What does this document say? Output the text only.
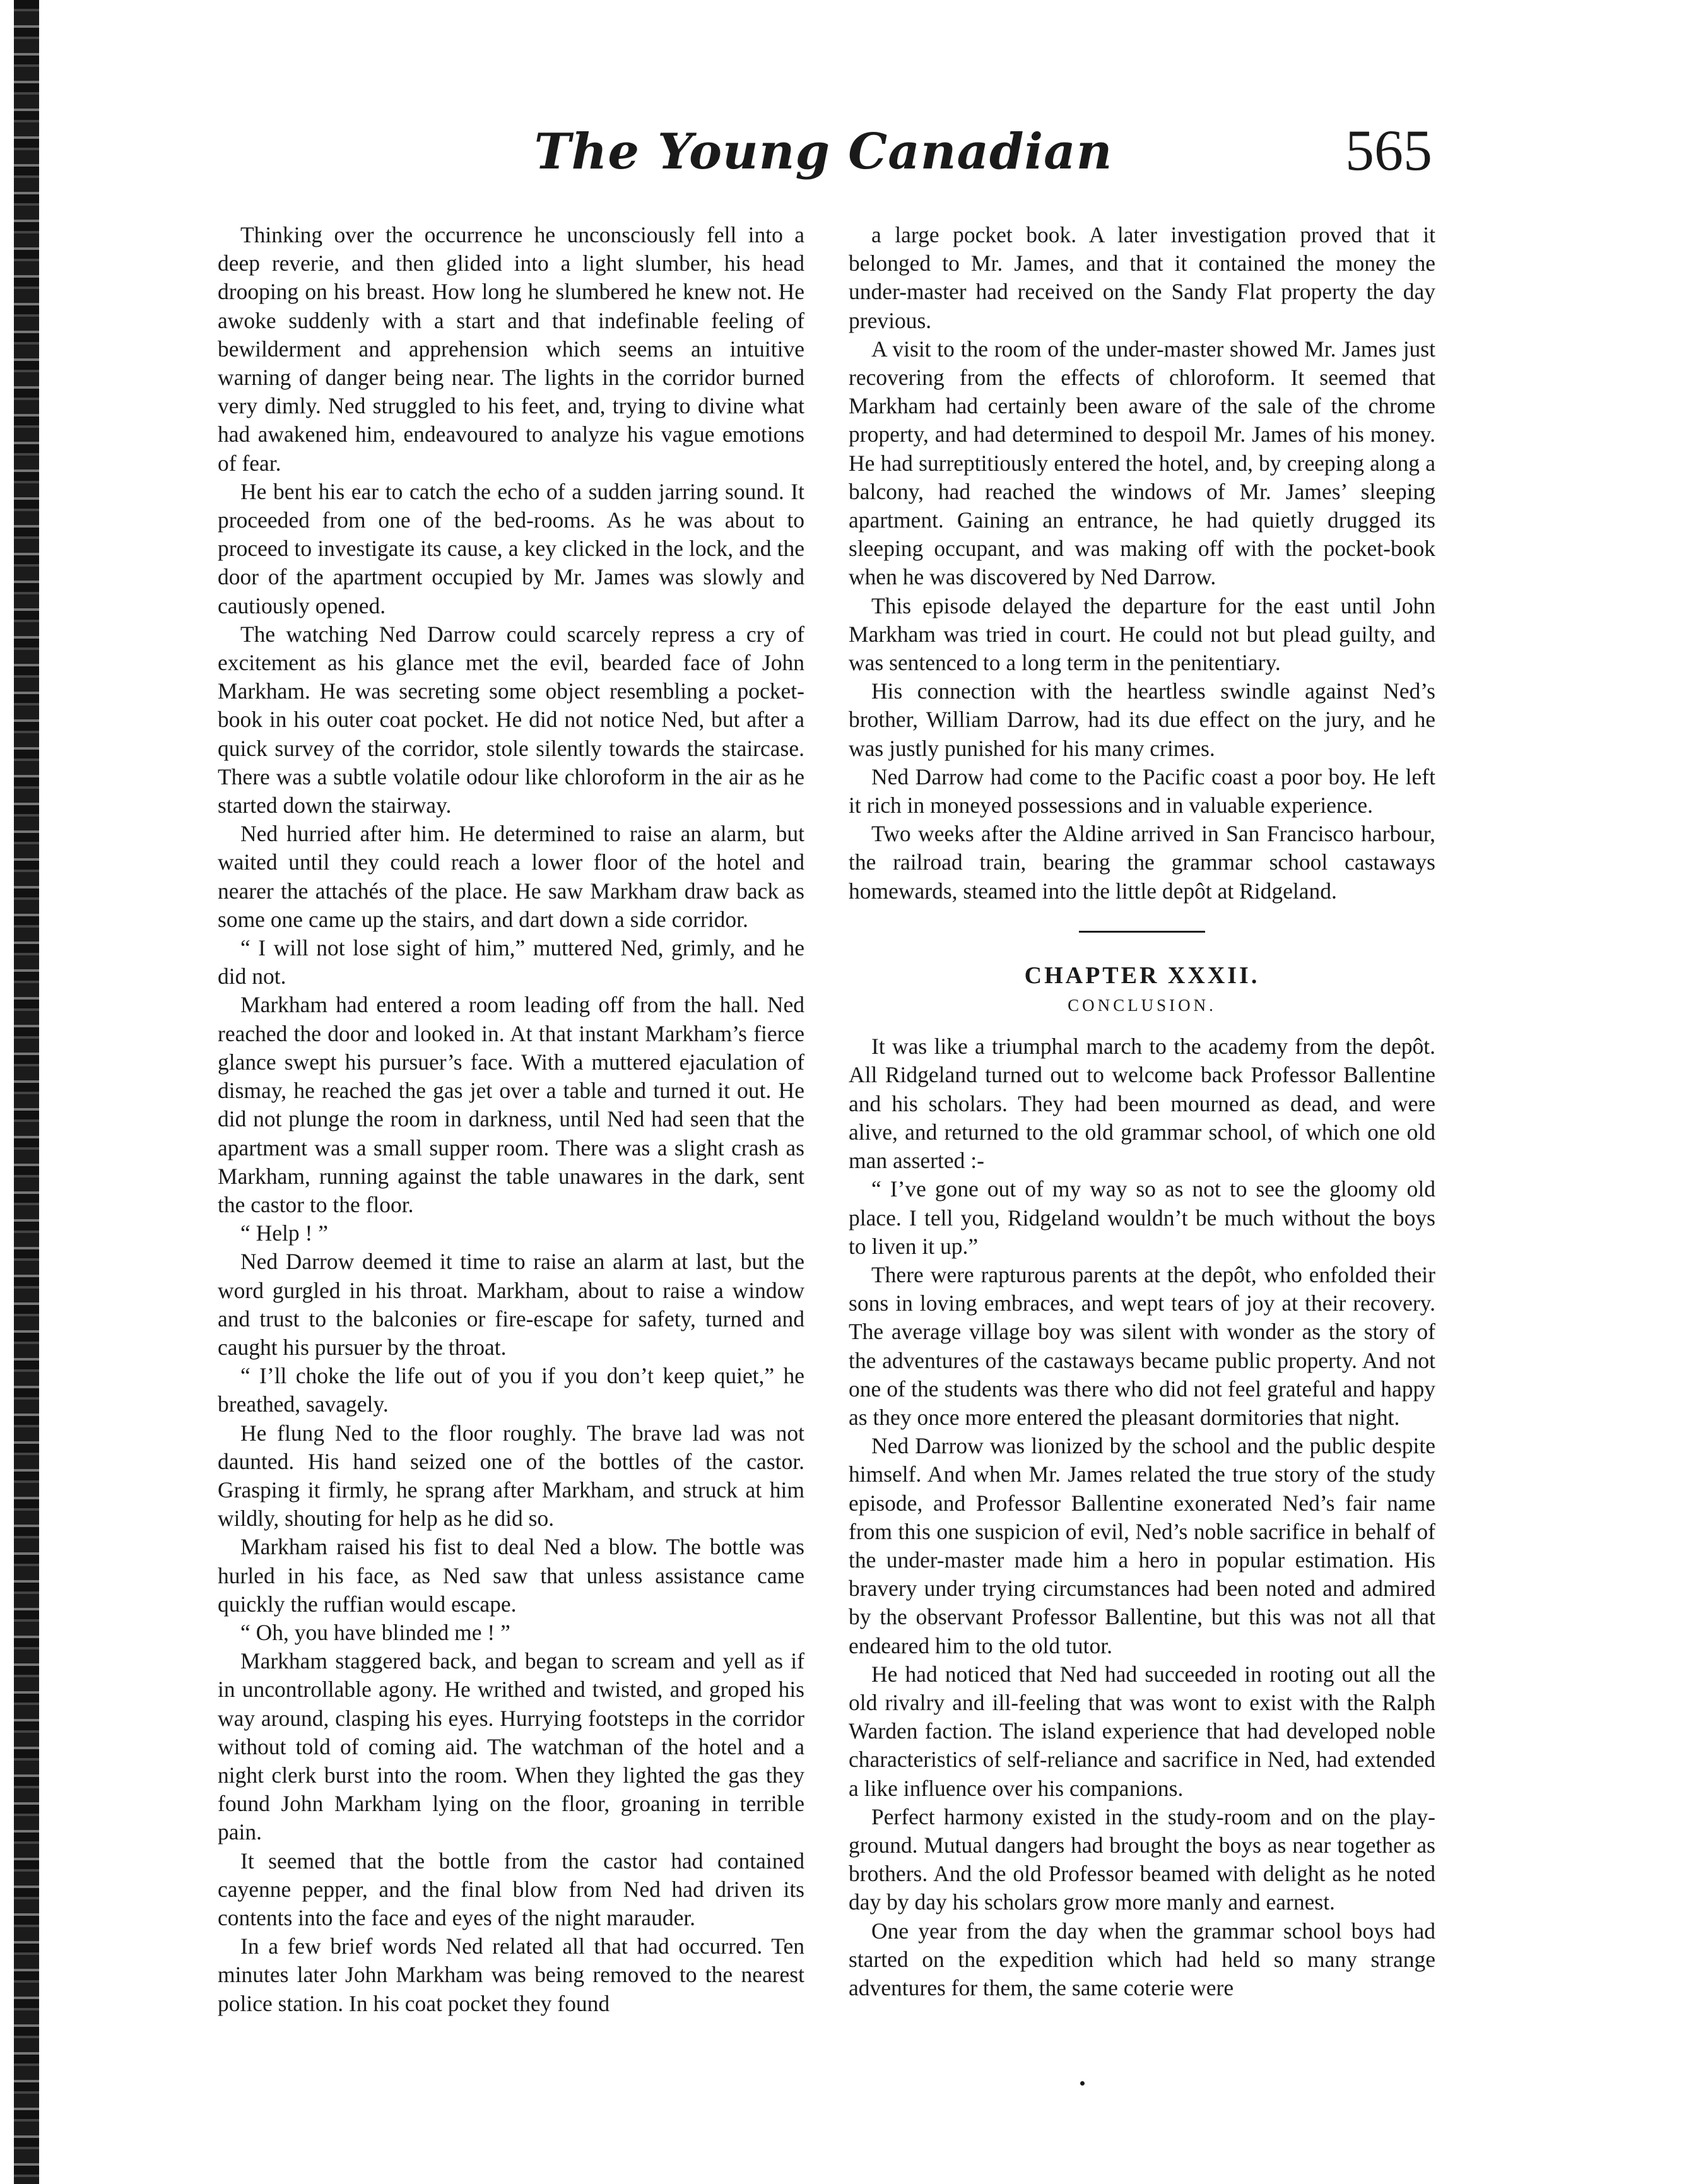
The Young Canadian	565

Thinking over the occurrence he unconsciously fell into a deep reverie, and then glided into a light slumber, his head drooping on his breast. How long he slumbered he knew not. He awoke suddenly with a start and that indefinable feeling of bewilderment and apprehension which seems an intuitive warning of danger being near. The lights in the corridor burned very dimly. Ned struggled to his feet, and, trying to divine what had awakened him, endeavoured to analyze his vague emotions of fear.

He bent his ear to catch the echo of a sudden jarring sound. It proceeded from one of the bed-rooms. As he was about to proceed to investigate its cause, a key clicked in the lock, and the door of the apartment occupied by Mr. James was slowly and cautiously opened.

The watching Ned Darrow could scarcely repress a cry of excitement as his glance met the evil, bearded face of John Markham. He was secreting some object resembling a pocket-book in his outer coat pocket. He did not notice Ned, but after a quick survey of the corridor, stole silently towards the staircase. There was a subtle volatile odour like chloroform in the air as he started down the stairway.

Ned hurried after him. He determined to raise an alarm, but waited until they could reach a lower floor of the hotel and nearer the attachés of the place. He saw Markham draw back as some one came up the stairs, and dart down a side corridor.

“ I will not lose sight of him,” muttered Ned, grimly, and he did not.

Markham had entered a room leading off from the hall. Ned reached the door and looked in. At that instant Markham’s fierce glance swept his pursuer’s face. With a muttered ejaculation of dismay, he reached the gas jet over a table and turned it out. He did not plunge the room in darkness, until Ned had seen that the apartment was a small supper room. There was a slight crash as Markham, running against the table unawares in the dark, sent the castor to the floor.

“ Help ! ”

Ned Darrow deemed it time to raise an alarm at last, but the word gurgled in his throat. Markham, about to raise a window and trust to the balconies or fire-escape for safety, turned and caught his pursuer by the throat.

“ I’ll choke the life out of you if you don’t keep quiet,” he breathed, savagely.

He flung Ned to the floor roughly. The brave lad was not daunted. His hand seized one of the bottles of the castor. Grasping it firmly, he sprang after Markham, and struck at him wildly, shouting for help as he did so.

Markham raised his fist to deal Ned a blow. The bottle was hurled in his face, as Ned saw that unless assistance came quickly the ruffian would escape.

“ Oh, you have blinded me ! ”

Markham staggered back, and began to scream and yell as if in uncontrollable agony. He writhed and twisted, and groped his way around, clasping his eyes. Hurrying footsteps in the corridor without told of coming aid. The watchman of the hotel and a night clerk burst into the room. When they lighted the gas they found John Markham lying on the floor, groaning in terrible pain.

It seemed that the bottle from the castor had contained cayenne pepper, and the final blow from Ned had driven its contents into the face and eyes of the night marauder.

In a few brief words Ned related all that had occurred. Ten minutes later John Markham was being removed to the nearest police station. In his coat pocket they found

a large pocket book. A later investigation proved that it belonged to Mr. James, and that it contained the money the under-master had received on the Sandy Flat property the day previous.

A visit to the room of the under-master showed Mr. James just recovering from the effects of chloroform. It seemed that Markham had certainly been aware of the sale of the chrome property, and had determined to despoil Mr. James of his money. He had surreptitiously entered the hotel, and, by creeping along a balcony, had reached the windows of Mr. James’ sleeping apartment. Gaining an entrance, he had quietly drugged its sleeping occupant, and was making off with the pocket-book when he was discovered by Ned Darrow.

This episode delayed the departure for the east until John Markham was tried in court. He could not but plead guilty, and was sentenced to a long term in the penitentiary.

His connection with the heartless swindle against Ned’s brother, William Darrow, had its due effect on the jury, and he was justly punished for his many crimes.

Ned Darrow had come to the Pacific coast a poor boy. He left it rich in moneyed possessions and in valuable experience.

Two weeks after the Aldine arrived in San Francisco harbour, the railroad train, bearing the grammar school castaways homewards, steamed into the little depôt at Ridgeland.

CHAPTER XXXII.
CONCLUSION.

It was like a triumphal march to the academy from the depôt. All Ridgeland turned out to welcome back Professor Ballentine and his scholars. They had been mourned as dead, and were alive, and returned to the old grammar school, of which one old man asserted :-

“ I’ve gone out of my way so as not to see the gloomy old place. I tell you, Ridgeland wouldn’t be much without the boys to liven it up.”

There were rapturous parents at the depôt, who enfolded their sons in loving embraces, and wept tears of joy at their recovery. The average village boy was silent with wonder as the story of the adventures of the castaways became public property. And not one of the students was there who did not feel grateful and happy as they once more entered the pleasant dormitories that night.

Ned Darrow was lionized by the school and the public despite himself. And when Mr. James related the true story of the study episode, and Professor Ballentine exonerated Ned’s fair name from this one suspicion of evil, Ned’s noble sacrifice in behalf of the under-master made him a hero in popular estimation. His bravery under trying circumstances had been noted and admired by the observant Professor Ballentine, but this was not all that endeared him to the old tutor.

He had noticed that Ned had succeeded in rooting out all the old rivalry and ill-feeling that was wont to exist with the Ralph Warden faction. The island experience that had developed noble characteristics of self-reliance and sacrifice in Ned, had extended a like influence over his companions.

Perfect harmony existed in the study-room and on the play-ground. Mutual dangers had brought the boys as near together as brothers. And the old Professor beamed with delight as he noted day by day his scholars grow more manly and earnest.

One year from the day when the grammar school boys had started on the expedition which had held so many strange adventures for them, the same coterie were
